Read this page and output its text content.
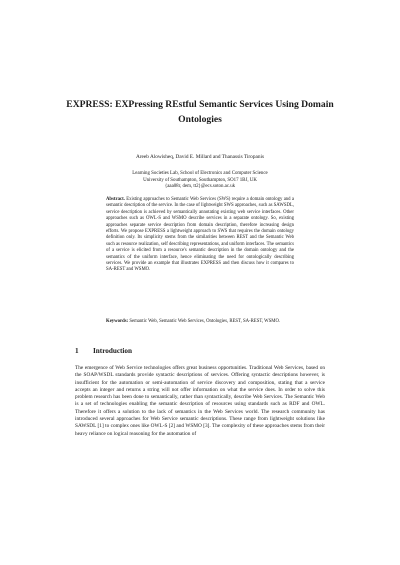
EXPRESS: EXPressing REstful Semantic Services Using Domain Ontologies
Areeb Alowisheq, David E. Millard and Thanassis Tiropanis
Learning Societies Lab, School of Electronics and Computer Science
University of Southampton, Southampton, SO17 1BJ, UK
{aaa08r, dem, tt2}@ecs.soton.ac.uk
Abstract. Existing approaches to Semantic Web Services (SWS) require a domain ontology and a semantic description of the service. In the case of lightweight SWS approaches, such as SAWSDL, service description is achieved by semantically annotating existing web service interfaces. Other approaches such as OWL-S and WSMO describe services in a separate ontology. So, existing approaches separate service description from domain description, therefore increasing design efforts. We propose EXPRESS a lightweight approach to SWS that requires the domain ontology definition only. Its simplicity stems from the similarities between REST and the Semantic Web such as resource realization, self describing representations, and uniform interfaces. The semantics of a service is elicited from a resource's semantic description in the domain ontology and the semantics of the uniform interface, hence eliminating the need for ontologically describing services. We provide an example that illustrates EXPRESS and then discuss how it compares to SA-REST and WSMO.
Keywords: Semantic Web, Semantic Web Services, Ontologies, REST, SA-REST, WSMO.
1 Introduction
The emergence of Web Service technologies offers great business opportunities. Traditional Web Services, based on the SOAP/WSDL standards provide syntactic descriptions of services. Offering syntactic descriptions however, is insufficient for the automation or semi-automation of service discovery and composition, stating that a service accepts an integer and returns a string will not offer information on what the service does. In order to solve this problem research has been done to semantically, rather than syntactically, describe Web Services. The Semantic Web is a set of technologies enabling the semantic description of resources using standards such as RDF and OWL. Therefore it offers a solution to the lack of semantics in the Web Services world. The research community has introduced several approaches for Web Service semantic descriptions. These range from lightweight solutions like SAWSDL [1] to complex ones like OWL-S [2] and WSMO [3]. The complexity of these approaches stems from their heavy reliance on logical reasoning for the automation of
